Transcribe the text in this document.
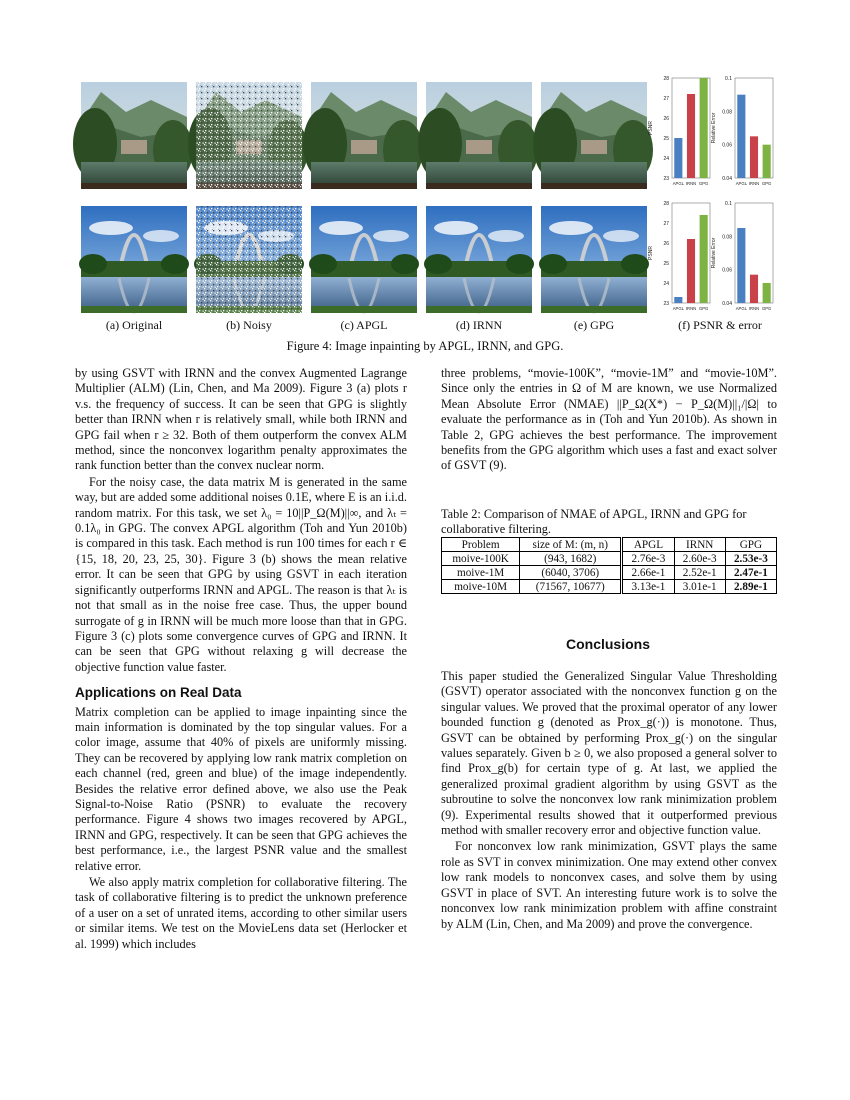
23
24
25
26
27
28
PSNR
APGL IRNN GPG
0.04
0.06
0.08
0.1
Relative Error
APGL IRNN GPG
23
24
25
26
27
28
PSNR
APGL IRNN GPG
0.04
0.06
0.08
0.1
Relative Error
APGL IRNN GPG
(a) Original	(b) Noisy	(c) APGL	(d) IRNN	(e) GPG	(f) PSNR & error
Figure 4: Image inpainting by APGL, IRNN, and GPG.

by using GSVT with IRNN and the convex Augmented Lagrange Multiplier (ALM) (Lin, Chen, and Ma 2009). Figure 3 (a) plots r v.s. the frequency of success. It can be seen that GPG is slightly better than IRNN when r is relatively small, while both IRNN and GPG fail when r ≥ 32. Both of them outperform the convex ALM method, since the nonconvex logarithm penalty approximates the rank function better than the convex nuclear norm.

For the noisy case, the data matrix M is generated in the same way, but are added some additional noises 0.1E, where E is an i.i.d. random matrix. For this task, we set λ₀ = 10||P_Ω(M)||∞, and λₜ = 0.1λ₀ in GPG. The convex APGL algorithm (Toh and Yun 2010b) is compared in this task. Each method is run 100 times for each r ∈ {15, 18, 20, 23, 25, 30}. Figure 3 (b) shows the mean relative error. It can be seen that GPG by using GSVT in each iteration significantly outperforms IRNN and APGL. The reason is that λₜ is not that small as in the noise free case. Thus, the upper bound surrogate of g in IRNN will be much more loose than that in GPG. Figure 3 (c) plots some convergence curves of GPG and IRNN. It can be seen that GPG without relaxing g will decrease the objective function value faster.

Applications on Real Data

Matrix completion can be applied to image inpainting since the main information is dominated by the top singular values. For a color image, assume that 40% of pixels are uniformly missing. They can be recovered by applying low rank matrix completion on each channel (red, green and blue) of the image independently. Besides the relative error defined above, we also use the Peak Signal-to-Noise Ratio (PSNR) to evaluate the recovery performance. Figure 4 shows two images recovered by APGL, IRNN and GPG, respectively. It can be seen that GPG achieves the best performance, i.e., the largest PSNR value and the smallest relative error.

We also apply matrix completion for collaborative filtering. The task of collaborative filtering is to predict the unknown preference of a user on a set of unrated items, according to other similar users or similar items. We test on the MovieLens data set (Herlocker et al. 1999) which includes

three problems, “movie-100K”, “movie-1M” and “movie-10M”. Since only the entries in Ω of M are known, we use Normalized Mean Absolute Error (NMAE) ||P_Ω(X*) − P_Ω(M)||₁/|Ω| to evaluate the performance as in (Toh and Yun 2010b). As shown in Table 2, GPG achieves the best performance. The improvement benefits from the GPG algorithm which uses a fast and exact solver of GSVT (9).

Table 2: Comparison of NMAE of APGL, IRNN and GPG for collaborative filtering.
Problem	size of M: (m, n)	APGL	IRNN	GPG
moive-100K	(943, 1682)	2.76e-3	2.60e-3	2.53e-3
moive-1M	(6040, 3706)	2.66e-1	2.52e-1	2.47e-1
moive-10M	(71567, 10677)	3.13e-1	3.01e-1	2.89e-1
Conclusions

This paper studied the Generalized Singular Value Thresholding (GSVT) operator associated with the nonconvex function g on the singular values. We proved that the proximal operator of any lower bounded function g (denoted as Prox_g(·)) is monotone. Thus, GSVT can be obtained by performing Prox_g(·) on the singular values separately. Given b ≥ 0, we also proposed a general solver to find Prox_g(b) for certain type of g. At last, we applied the generalized proximal gradient algorithm by using GSVT as the subroutine to solve the nonconvex low rank minimization problem (9). Experimental results showed that it outperformed previous method with smaller recovery error and objective function value.

For nonconvex low rank minimization, GSVT plays the same role as SVT in convex minimization. One may extend other convex low rank models to nonconvex cases, and solve them by using GSVT in place of SVT. An interesting future work is to solve the nonconvex low rank minimization problem with affine constraint by ALM (Lin, Chen, and Ma 2009) and prove the convergence.
